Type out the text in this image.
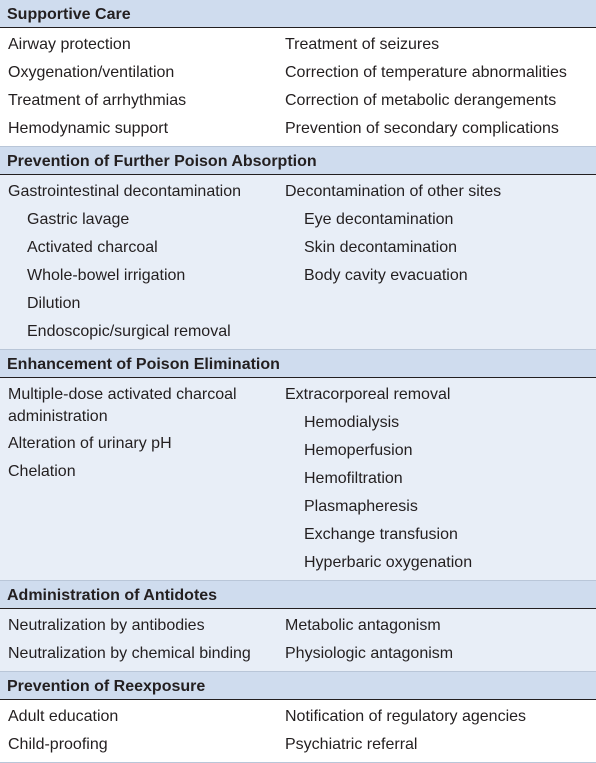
Supportive Care
Airway protection
Oxygenation/ventilation
Treatment of arrhythmias
Hemodynamic support
Treatment of seizures
Correction of temperature abnormalities
Correction of metabolic derangements
Prevention of secondary complications
Prevention of Further Poison Absorption
Gastrointestinal decontamination
Gastric lavage
Activated charcoal
Whole-bowel irrigation
Dilution
Endoscopic/surgical removal
Decontamination of other sites
Eye decontamination
Skin decontamination
Body cavity evacuation
Enhancement of Poison Elimination
Multiple-dose activated charcoal administration
Alteration of urinary pH
Chelation
Extracorporeal removal
Hemodialysis
Hemoperfusion
Hemofiltration
Plasmapheresis
Exchange transfusion
Hyperbaric oxygenation
Administration of Antidotes
Neutralization by antibodies
Neutralization by chemical binding
Metabolic antagonism
Physiologic antagonism
Prevention of Reexposure
Adult education
Child-proofing
Notification of regulatory agencies
Psychiatric referral
